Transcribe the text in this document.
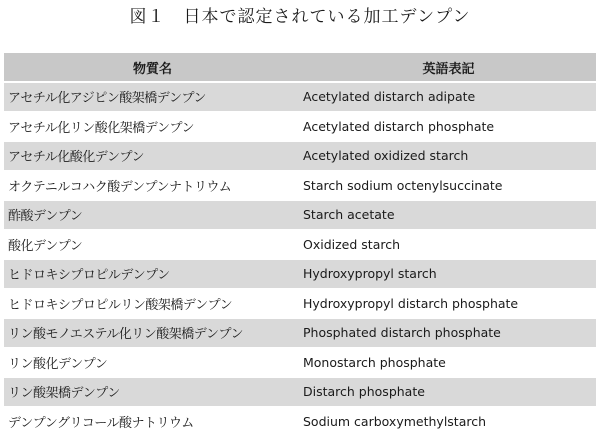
図１　日本で認定されている加工デンプン
物質名	英語表記
アセチル化アジピン酸架橋デンプン	Acetylated distarch adipate
アセチル化リン酸化架橋デンプン	Acetylated distarch phosphate
アセチル化酸化デンプン	Acetylated oxidized starch
オクテニルコハク酸デンプンナトリウム	Starch sodium octenylsuccinate
酢酸デンプン	Starch acetate
酸化デンプン	Oxidized starch
ヒドロキシプロピルデンプン	Hydroxypropyl starch
ヒドロキシプロピルリン酸架橋デンプン	Hydroxypropyl distarch phosphate
リン酸モノエステル化リン酸架橋デンプン	Phosphated distarch phosphate
リン酸化デンプン	Monostarch phosphate
リン酸架橋デンプン	Distarch phosphate
デンプングリコール酸ナトリウム	Sodium carboxymethylstarch
